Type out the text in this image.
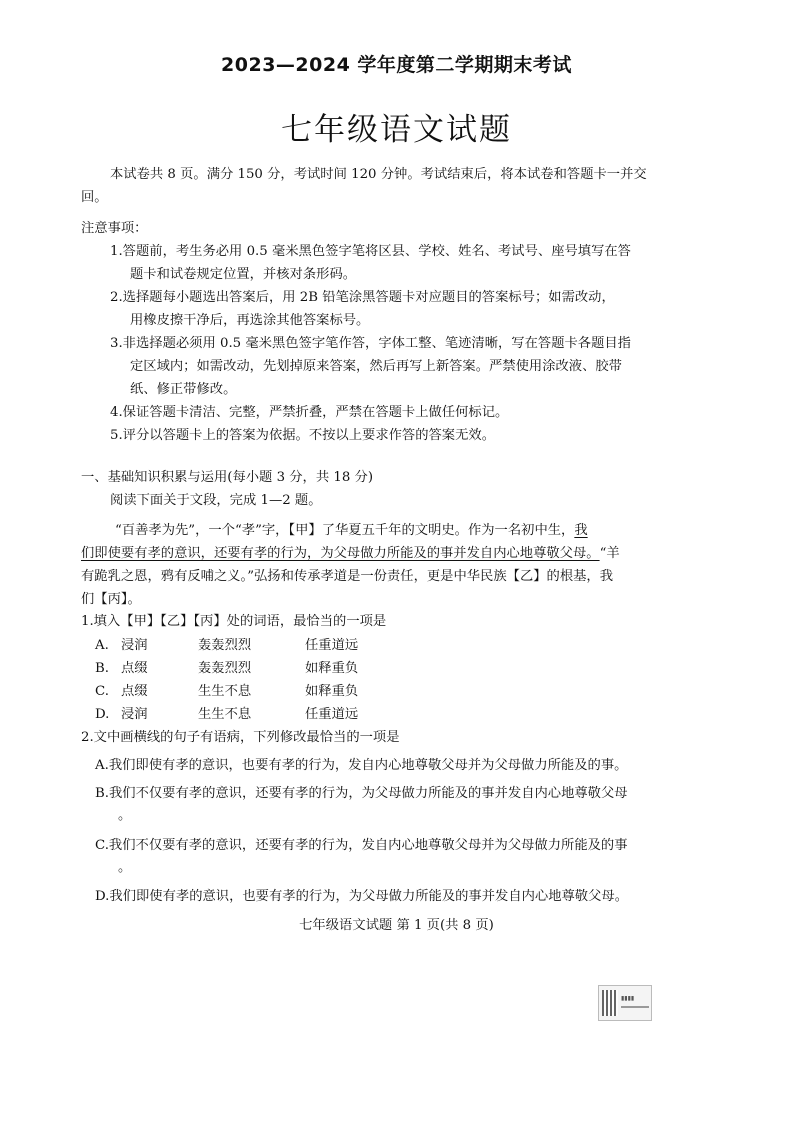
2023—2024 学年度第二学期期末考试
七年级语文试题
本试卷共 8 页。满分 150 分，考试时间 120 分钟。考试结束后，将本试卷和答题卡一并交
回。
注意事项：
1.答题前，考生务必用 0.5 毫米黑色签字笔将区县、学校、姓名、考试号、座号填写在答
题卡和试卷规定位置，并核对条形码。
2.选择题每小题选出答案后，用 2B 铅笔涂黑答题卡对应题目的答案标号；如需改动，
用橡皮擦干净后，再选涂其他答案标号。
3.非选择题必须用 0.5 毫米黑色签字笔作答，字体工整、笔迹清晰，写在答题卡各题目指
定区域内；如需改动，先划掉原来答案，然后再写上新答案。严禁使用涂改液、胶带
纸、修正带修改。
4.保证答题卡清洁、完整，严禁折叠，严禁在答题卡上做任何标记。
5.评分以答题卡上的答案为依据。不按以上要求作答的答案无效。
一、基础知识积累与运用(每小题 3 分，共 18 分)
阅读下面关于文段，完成 1—2 题。
“百善孝为先”，一个“孝”字，【甲】了华夏五千年的文明史。作为一名初中生，我
们即使要有孝的意识，还要有孝的行为，为父母做力所能及的事并发自内心地尊敬父母。“羊
有跪乳之恩，鸦有反哺之义。”弘扬和传承孝道是一份责任，更是中华民族【乙】的根基，我
们【丙】。
1.填入【甲】【乙】【丙】处的词语，最恰当的一项是
A. 浸润	轰轰烈烈	任重道远
B. 点缀	轰轰烈烈	如释重负
C. 点缀	生生不息	如释重负
D. 浸润	生生不息	任重道远
2.文中画横线的句子有语病，下列修改最恰当的一项是
A.我们即使有孝的意识，也要有孝的行为，发自内心地尊敬父母并为父母做力所能及的事。
B.我们不仅要有孝的意识，还要有孝的行为，为父母做力所能及的事并发自内心地尊敬父母
。
C.我们不仅要有孝的意识，还要有孝的行为，发自内心地尊敬父母并为父母做力所能及的事
。
D.我们即使有孝的意识，也要有孝的行为，为父母做力所能及的事并发自内心地尊敬父母。
七年级语文试题 第 1 页(共 8 页)
▮▮▮▮
